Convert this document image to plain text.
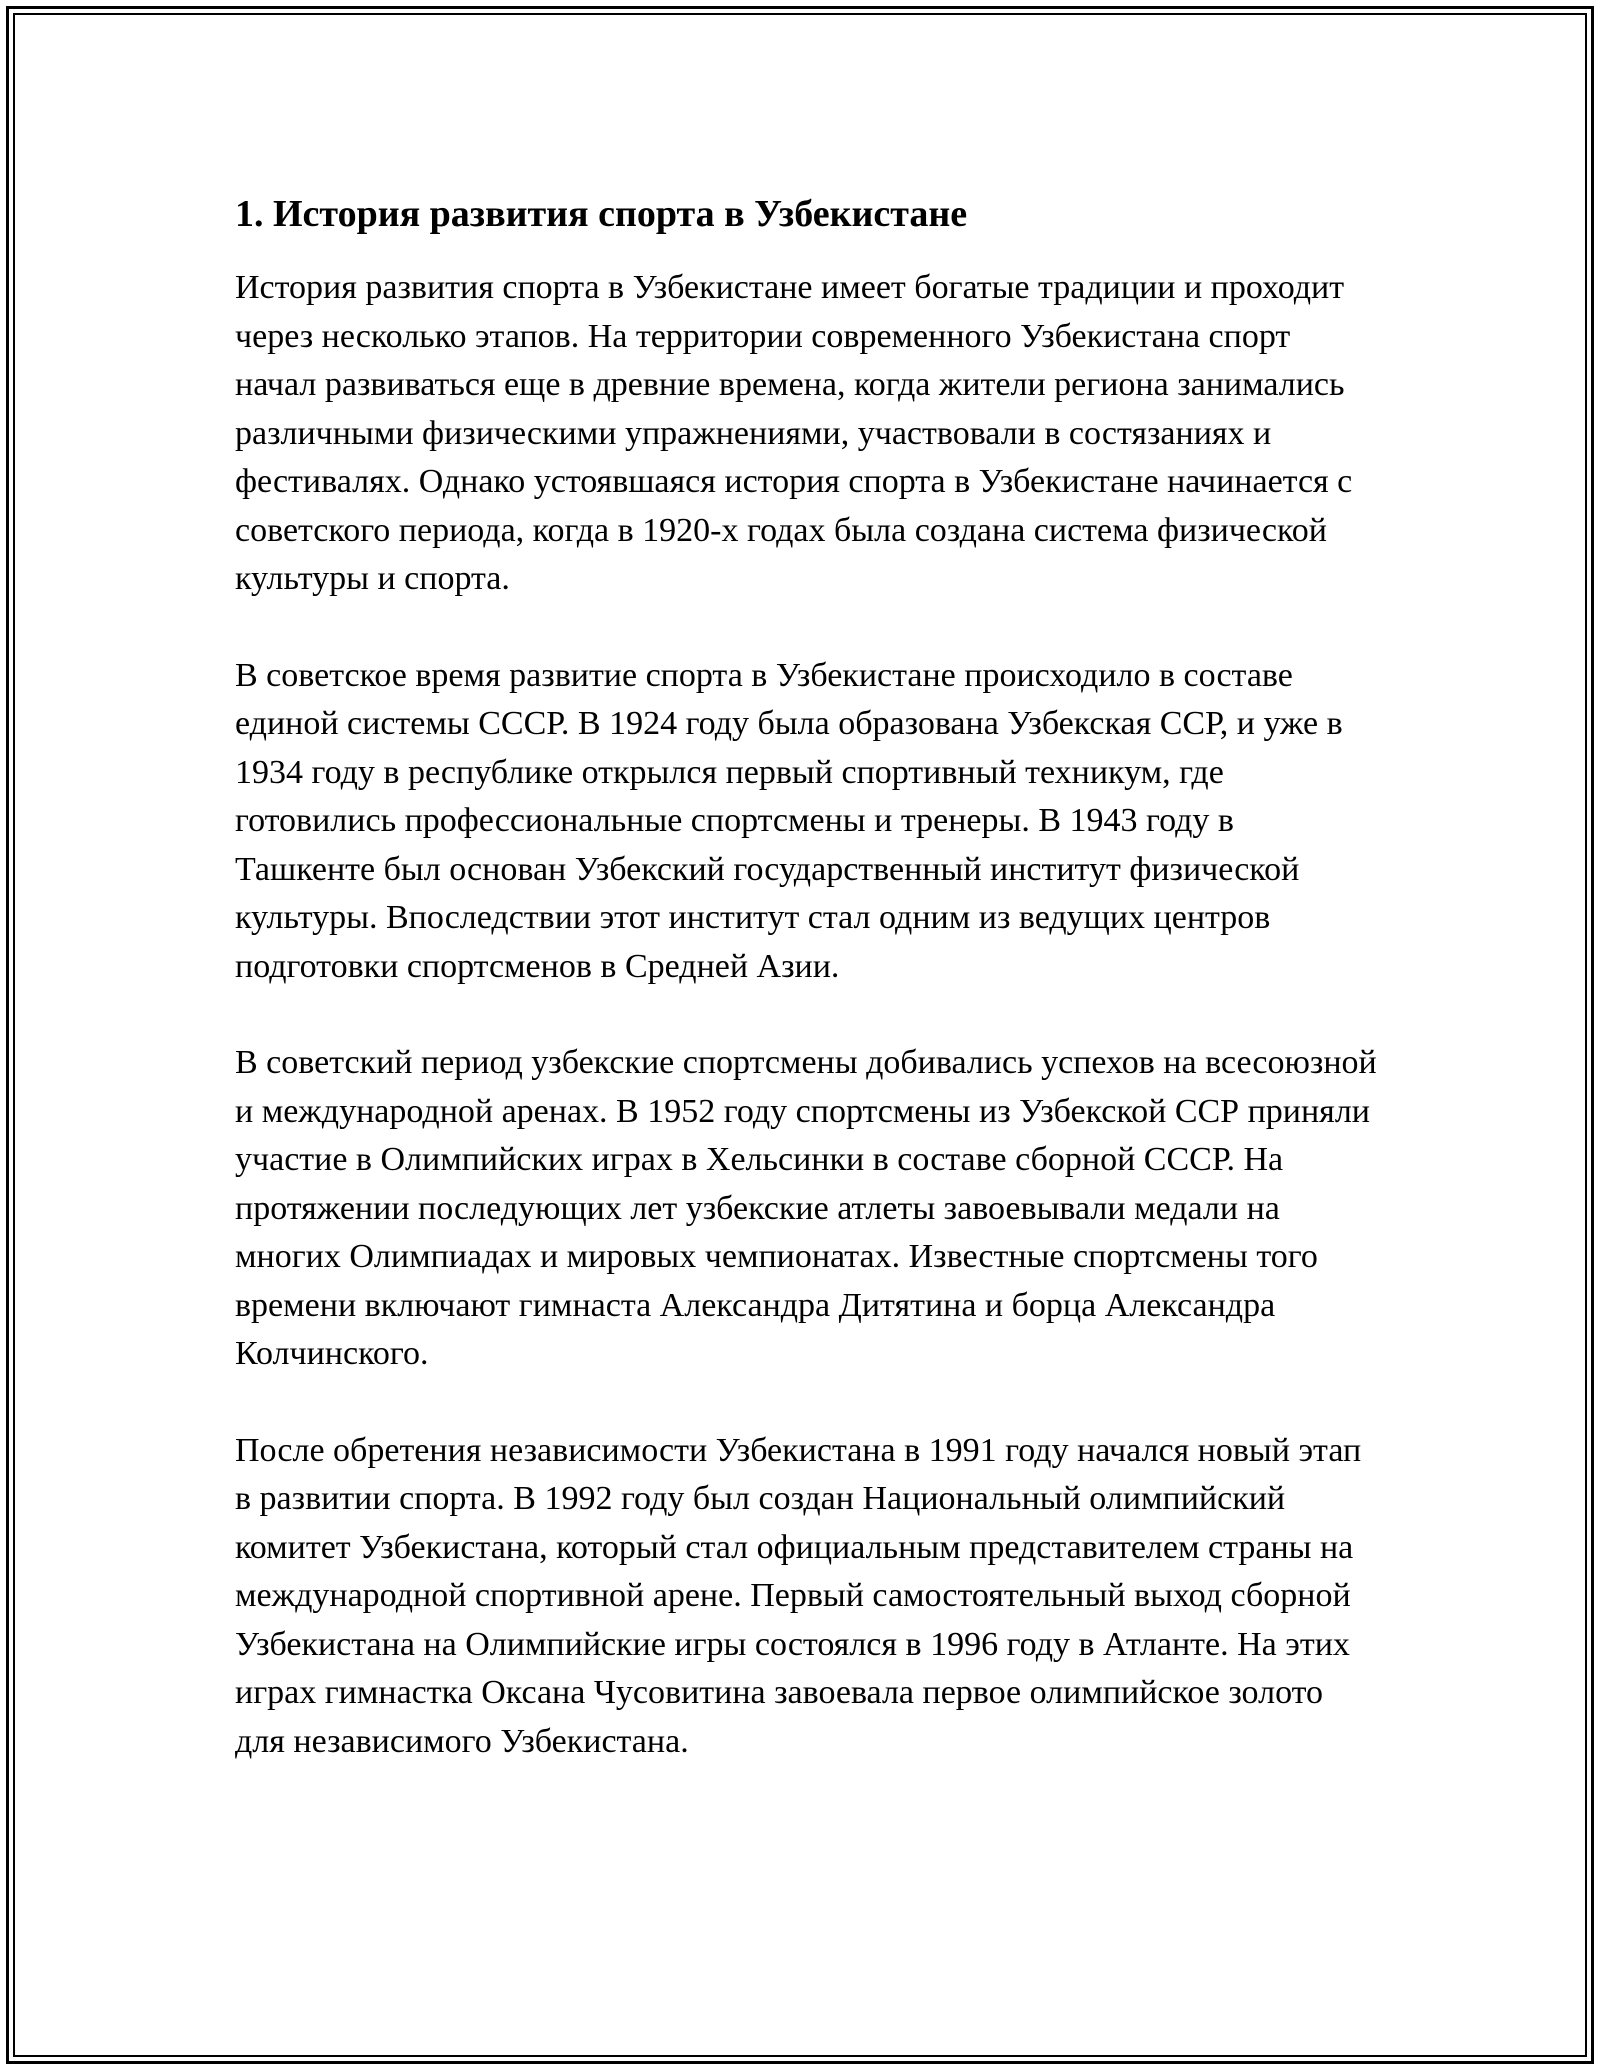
1. История развития спорта в Узбекистане

История развития спорта в Узбекистане имеет богатые традиции и проходит через несколько этапов. На территории современного Узбекистана спорт начал развиваться еще в древние времена, когда жители региона занимались различными физическими упражнениями, участвовали в состязаниях и фестивалях. Однако устоявшаяся история спорта в Узбекистане начинается с советского периода, когда в 1920-х годах была создана система физической культуры и спорта.

В советское время развитие спорта в Узбекистане происходило в составе единой системы СССР. В 1924 году была образована Узбекская ССР, и уже в 1934 году в республике открылся первый спортивный техникум, где готовились профессиональные спортсмены и тренеры. В 1943 году в Ташкенте был основан Узбекский государственный институт физической культуры. Впоследствии этот институт стал одним из ведущих центров подготовки спортсменов в Средней Азии.

В советский период узбекские спортсмены добивались успехов на всесоюзной и международной аренах. В 1952 году спортсмены из Узбекской ССР приняли участие в Олимпийских играх в Хельсинки в составе сборной СССР. На протяжении последующих лет узбекские атлеты завоевывали медали на многих Олимпиадах и мировых чемпионатах. Известные спортсмены того времени включают гимнаста Александра Дитятина и борца Александра Колчинского.

После обретения независимости Узбекистана в 1991 году начался новый этап в развитии спорта. В 1992 году был создан Национальный олимпийский комитет Узбекистана, который стал официальным представителем страны на международной спортивной арене. Первый самостоятельный выход сборной Узбекистана на Олимпийские игры состоялся в 1996 году в Атланте. На этих играх гимнастка Оксана Чусовитина завоевала первое олимпийское золото для независимого Узбекистана.
